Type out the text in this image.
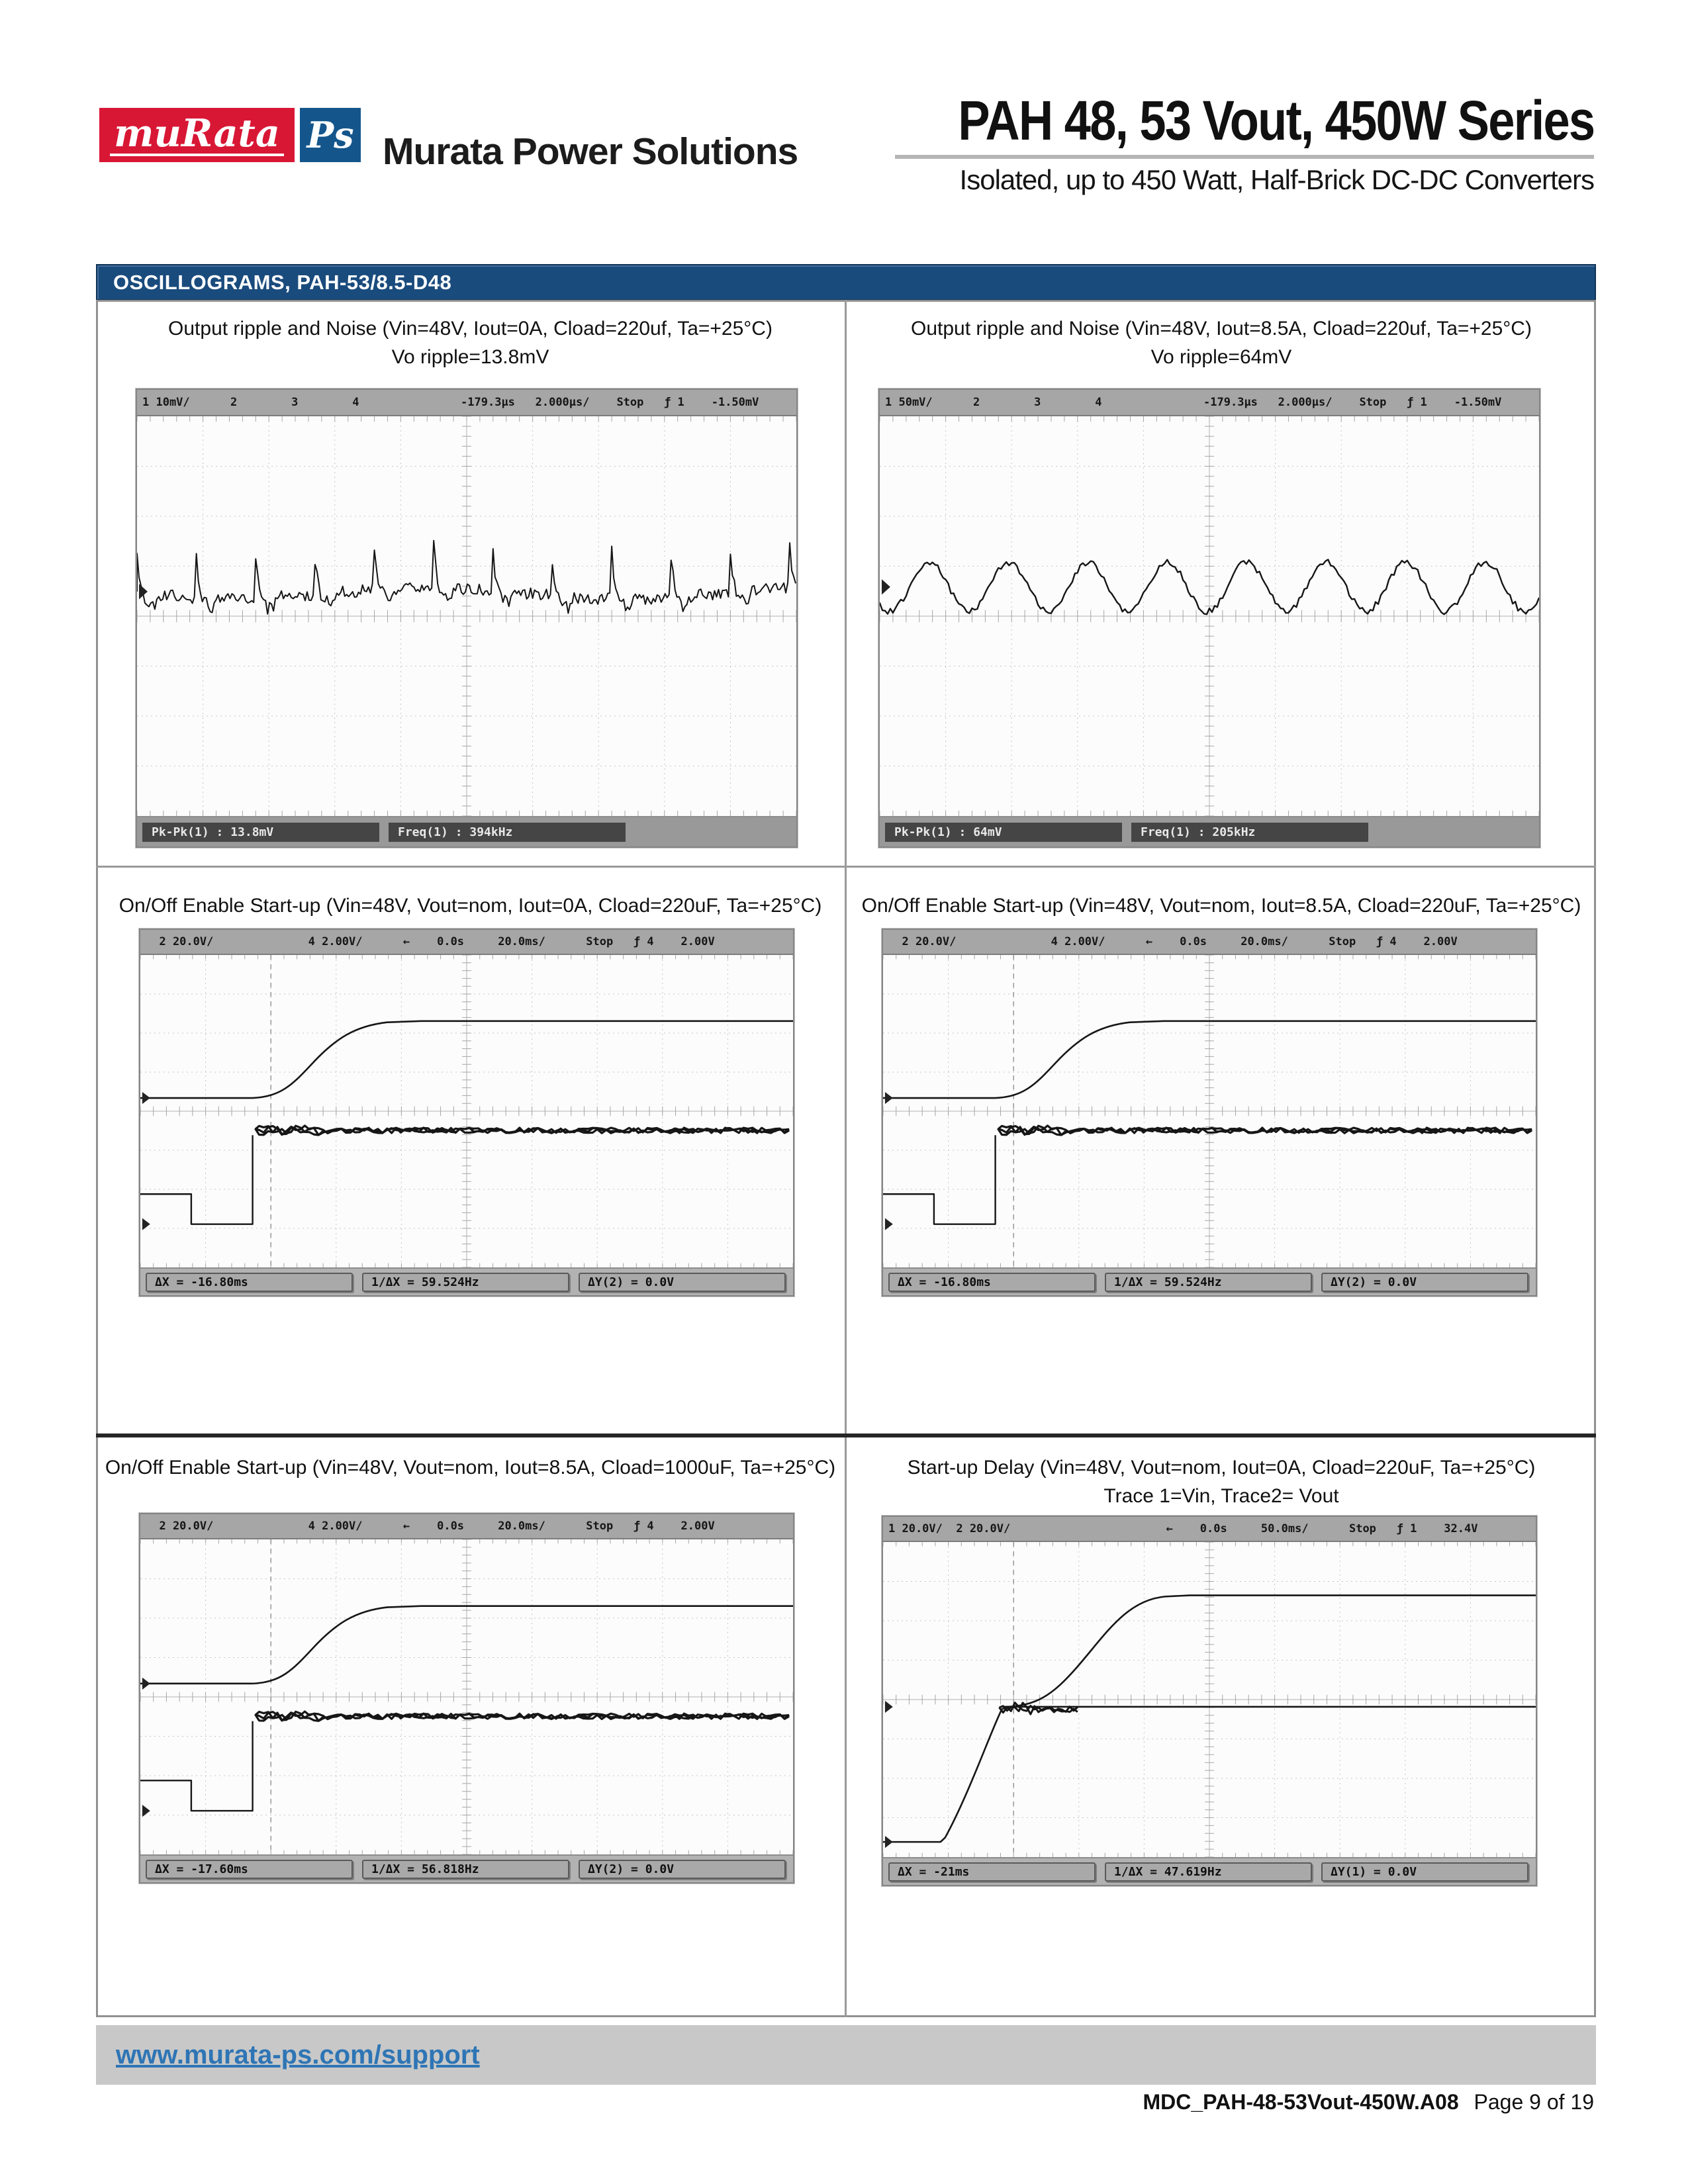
muRata Ps Murata Power Solutions	PAH 48, 53 Vout, 450W Series
Isolated, up to 450 Watt, Half-Brick DC-DC Converters
OSCILLOGRAMS, PAH-53/8.5-D48
Output ripple and Noise (Vin=48V, Iout=0A, Cload=220uf, Ta=+25°C)
Vo ripple=13.8mV
1 10mV/      2        3        4               -179.3µs   2.000µs/    Stop   ƒ 1    -1.50mV
Pk-Pk(1) : 13.8mV	Freq(1) : 394kHz
Output ripple and Noise (Vin=48V, Iout=8.5A, Cload=220uf, Ta=+25°C)
Vo ripple=64mV
1 50mV/      2        3        4               -179.3µs   2.000µs/    Stop   ƒ 1    -1.50mV
Pk-Pk(1) : 64mV	Freq(1) : 205kHz
On/Off Enable Start-up (Vin=48V, Vout=nom, Iout=0A, Cload=220uF, Ta=+25°C)
2 20.0V/              4 2.00V/      ←    0.0s     20.0ms/      Stop   ƒ 4    2.00V
ΔX = -16.80ms	1/ΔX = 59.524Hz	ΔY(2) = 0.0V
On/Off Enable Start-up (Vin=48V, Vout=nom, Iout=8.5A, Cload=220uF, Ta=+25°C)
2 20.0V/              4 2.00V/      ←    0.0s     20.0ms/      Stop   ƒ 4    2.00V
ΔX = -16.80ms	1/ΔX = 59.524Hz	ΔY(2) = 0.0V
On/Off Enable Start-up (Vin=48V, Vout=nom, Iout=8.5A, Cload=1000uF, Ta=+25°C)
2 20.0V/              4 2.00V/      ←    0.0s     20.0ms/      Stop   ƒ 4    2.00V
ΔX = -17.60ms	1/ΔX = 56.818Hz	ΔY(2) = 0.0V
Start-up Delay (Vin=48V, Vout=nom, Iout=0A, Cload=220uF, Ta=+25°C)
Trace 1=Vin, Trace2= Vout
1 20.0V/  2 20.0V/                       ←    0.0s     50.0ms/      Stop   ƒ 1    32.4V
ΔX = -21ms	1/ΔX = 47.619Hz	ΔY(1) = 0.0V
www.murata-ps.com/support
MDC_PAH-48-53Vout-450W.A08 Page 9 of 19
